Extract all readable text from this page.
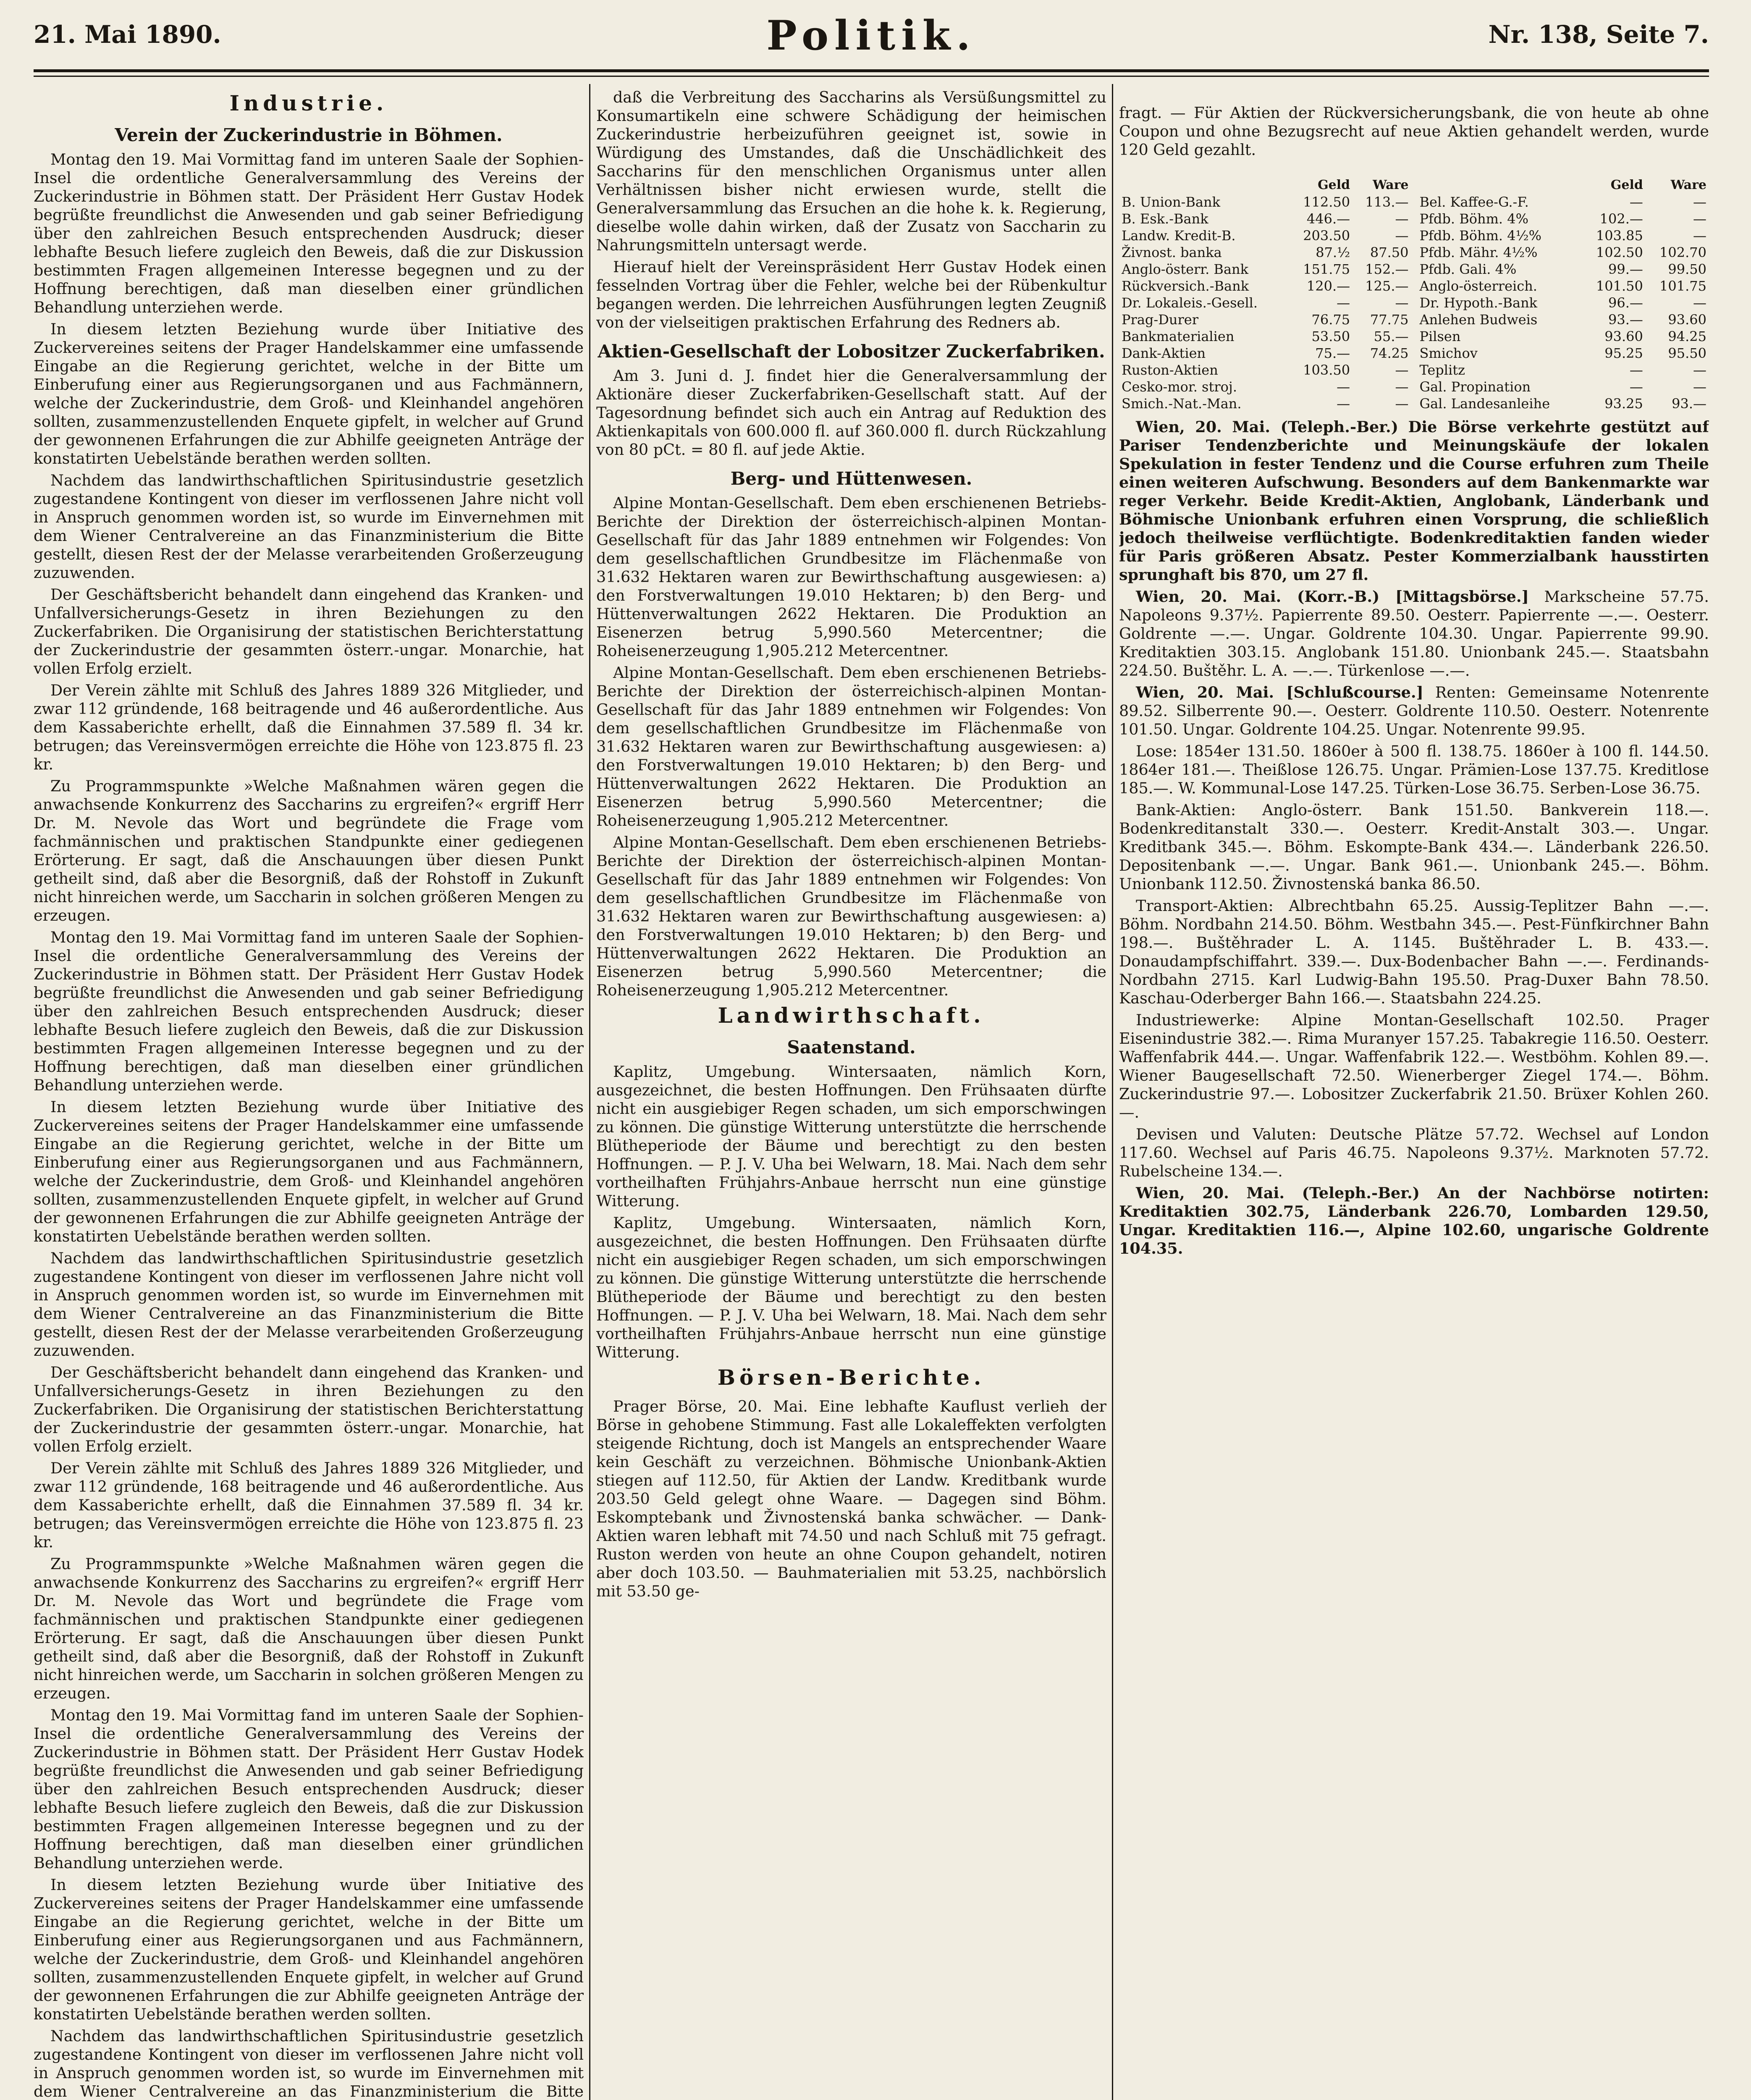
21. Mai 1890.	Politik.	Nr. 138, Seite 7.
Industrie.
Verein der Zuckerindustrie in Böhmen.

Montag den 19. Mai Vormittag fand im unteren Saale der Sophien-Insel die ordentliche Generalversammlung des Vereins der Zuckerindustrie in Böhmen statt. Der Präsident Herr Gustav Hodek begrüßte freundlichst die Anwesenden und gab seiner Befriedigung über den zahlreichen Besuch entsprechenden Ausdruck; dieser lebhafte Besuch liefere zugleich den Beweis, daß die zur Diskussion bestimmten Fragen allgemeinen Interesse begegnen und zu der Hoffnung berechtigen, daß man dieselben einer gründlichen Behandlung unterziehen werde.

In diesem letzten Beziehung wurde über Initiative des Zuckervereines seitens der Prager Handelskammer eine umfassende Eingabe an die Regierung gerichtet, welche in der Bitte um Einberufung einer aus Regierungsorganen und aus Fachmännern, welche der Zuckerindustrie, dem Groß- und Kleinhandel angehören sollten, zusammenzustellenden Enquete gipfelt, in welcher auf Grund der gewonnenen Erfahrungen die zur Abhilfe geeigneten Anträge der konstatirten Uebelstände berathen werden sollten.

Nachdem das landwirthschaftlichen Spiritusindustrie gesetzlich zugestandene Kontingent von dieser im verflossenen Jahre nicht voll in Anspruch genommen worden ist, so wurde im Einvernehmen mit dem Wiener Centralvereine an das Finanzministerium die Bitte gestellt, diesen Rest der der Melasse verarbeitenden Großerzeugung zuzuwenden.

Der Geschäftsbericht behandelt dann eingehend das Kranken- und Unfallversicherungs-Gesetz in ihren Beziehungen zu den Zuckerfabriken. Die Organisirung der statistischen Berichterstattung der Zuckerindustrie der gesammten österr.-ungar. Monarchie, hat vollen Erfolg erzielt.

Der Verein zählte mit Schluß des Jahres 1889 326 Mitglieder, und zwar 112 gründende, 168 beitragende und 46 außerordentliche. Aus dem Kassaberichte erhellt, daß die Einnahmen 37.589 fl. 34 kr. betrugen; das Vereinsvermögen erreichte die Höhe von 123.875 fl. 23 kr.

Zu Programmspunkte »Welche Maßnahmen wären gegen die anwachsende Konkurrenz des Saccharins zu ergreifen?« ergriff Herr Dr. M. Nevole das Wort und begründete die Frage vom fachmännischen und praktischen Standpunkte einer gediegenen Erörterung. Er sagt, daß die Anschauungen über diesen Punkt getheilt sind, daß aber die Besorgniß, daß der Rohstoff in Zukunft nicht hinreichen werde, um Saccharin in solchen größeren Mengen zu erzeugen.

Montag den 19. Mai Vormittag fand im unteren Saale der Sophien-Insel die ordentliche Generalversammlung des Vereins der Zuckerindustrie in Böhmen statt. Der Präsident Herr Gustav Hodek begrüßte freundlichst die Anwesenden und gab seiner Befriedigung über den zahlreichen Besuch entsprechenden Ausdruck; dieser lebhafte Besuch liefere zugleich den Beweis, daß die zur Diskussion bestimmten Fragen allgemeinen Interesse begegnen und zu der Hoffnung berechtigen, daß man dieselben einer gründlichen Behandlung unterziehen werde.

In diesem letzten Beziehung wurde über Initiative des Zuckervereines seitens der Prager Handelskammer eine umfassende Eingabe an die Regierung gerichtet, welche in der Bitte um Einberufung einer aus Regierungsorganen und aus Fachmännern, welche der Zuckerindustrie, dem Groß- und Kleinhandel angehören sollten, zusammenzustellenden Enquete gipfelt, in welcher auf Grund der gewonnenen Erfahrungen die zur Abhilfe geeigneten Anträge der konstatirten Uebelstände berathen werden sollten.

Nachdem das landwirthschaftlichen Spiritusindustrie gesetzlich zugestandene Kontingent von dieser im verflossenen Jahre nicht voll in Anspruch genommen worden ist, so wurde im Einvernehmen mit dem Wiener Centralvereine an das Finanzministerium die Bitte gestellt, diesen Rest der der Melasse verarbeitenden Großerzeugung zuzuwenden.

Der Geschäftsbericht behandelt dann eingehend das Kranken- und Unfallversicherungs-Gesetz in ihren Beziehungen zu den Zuckerfabriken. Die Organisirung der statistischen Berichterstattung der Zuckerindustrie der gesammten österr.-ungar. Monarchie, hat vollen Erfolg erzielt.

Der Verein zählte mit Schluß des Jahres 1889 326 Mitglieder, und zwar 112 gründende, 168 beitragende und 46 außerordentliche. Aus dem Kassaberichte erhellt, daß die Einnahmen 37.589 fl. 34 kr. betrugen; das Vereinsvermögen erreichte die Höhe von 123.875 fl. 23 kr.

Zu Programmspunkte »Welche Maßnahmen wären gegen die anwachsende Konkurrenz des Saccharins zu ergreifen?« ergriff Herr Dr. M. Nevole das Wort und begründete die Frage vom fachmännischen und praktischen Standpunkte einer gediegenen Erörterung. Er sagt, daß die Anschauungen über diesen Punkt getheilt sind, daß aber die Besorgniß, daß der Rohstoff in Zukunft nicht hinreichen werde, um Saccharin in solchen größeren Mengen zu erzeugen.

Montag den 19. Mai Vormittag fand im unteren Saale der Sophien-Insel die ordentliche Generalversammlung des Vereins der Zuckerindustrie in Böhmen statt. Der Präsident Herr Gustav Hodek begrüßte freundlichst die Anwesenden und gab seiner Befriedigung über den zahlreichen Besuch entsprechenden Ausdruck; dieser lebhafte Besuch liefere zugleich den Beweis, daß die zur Diskussion bestimmten Fragen allgemeinen Interesse begegnen und zu der Hoffnung berechtigen, daß man dieselben einer gründlichen Behandlung unterziehen werde.

In diesem letzten Beziehung wurde über Initiative des Zuckervereines seitens der Prager Handelskammer eine umfassende Eingabe an die Regierung gerichtet, welche in der Bitte um Einberufung einer aus Regierungsorganen und aus Fachmännern, welche der Zuckerindustrie, dem Groß- und Kleinhandel angehören sollten, zusammenzustellenden Enquete gipfelt, in welcher auf Grund der gewonnenen Erfahrungen die zur Abhilfe geeigneten Anträge der konstatirten Uebelstände berathen werden sollten.

Nachdem das landwirthschaftlichen Spiritusindustrie gesetzlich zugestandene Kontingent von dieser im verflossenen Jahre nicht voll in Anspruch genommen worden ist, so wurde im Einvernehmen mit dem Wiener Centralvereine an das Finanzministerium die Bitte

daß die Verbreitung des Saccharins als Versüßungsmittel zu Konsumartikeln eine schwere Schädigung der heimischen Zuckerindustrie herbeizuführen geeignet ist, sowie in Würdigung des Umstandes, daß die Unschädlichkeit des Saccharins für den menschlichen Organismus unter allen Verhältnissen bisher nicht erwiesen wurde, stellt die Generalversammlung das Ersuchen an die hohe k. k. Regierung, dieselbe wolle dahin wirken, daß der Zusatz von Saccharin zu Nahrungsmitteln untersagt werde.

Hierauf hielt der Vereinspräsident Herr Gustav Hodek einen fesselnden Vortrag über die Fehler, welche bei der Rübenkultur begangen werden. Die lehrreichen Ausführungen legten Zeugniß von der vielseitigen praktischen Erfahrung des Redners ab.

Aktien-Gesellschaft der Lobositzer Zuckerfabriken.

Am 3. Juni d. J. findet hier die Generalversammlung der Aktionäre dieser Zuckerfabriken-Gesellschaft statt. Auf der Tagesordnung befindet sich auch ein Antrag auf Reduktion des Aktienkapitals von 600.000 fl. auf 360.000 fl. durch Rückzahlung von 80 pCt. = 80 fl. auf jede Aktie.

Berg- und Hüttenwesen.

Alpine Montan-Gesellschaft. Dem eben erschienenen Betriebs-Berichte der Direktion der österreichisch-alpinen Montan-Gesellschaft für das Jahr 1889 entnehmen wir Folgendes: Von dem gesellschaftlichen Grundbesitze im Flächenmaße von 31.632 Hektaren waren zur Bewirthschaftung ausgewiesen: a) den Forstverwaltungen 19.010 Hektaren; b) den Berg- und Hüttenverwaltungen 2622 Hektaren. Die Produktion an Eisenerzen betrug 5,990.560 Metercentner; die Roheisenerzeugung 1,905.212 Metercentner.

Alpine Montan-Gesellschaft. Dem eben erschienenen Betriebs-Berichte der Direktion der österreichisch-alpinen Montan-Gesellschaft für das Jahr 1889 entnehmen wir Folgendes: Von dem gesellschaftlichen Grundbesitze im Flächenmaße von 31.632 Hektaren waren zur Bewirthschaftung ausgewiesen: a) den Forstverwaltungen 19.010 Hektaren; b) den Berg- und Hüttenverwaltungen 2622 Hektaren. Die Produktion an Eisenerzen betrug 5,990.560 Metercentner; die Roheisenerzeugung 1,905.212 Metercentner.

Alpine Montan-Gesellschaft. Dem eben erschienenen Betriebs-Berichte der Direktion der österreichisch-alpinen Montan-Gesellschaft für das Jahr 1889 entnehmen wir Folgendes: Von dem gesellschaftlichen Grundbesitze im Flächenmaße von 31.632 Hektaren waren zur Bewirthschaftung ausgewiesen: a) den Forstverwaltungen 19.010 Hektaren; b) den Berg- und Hüttenverwaltungen 2622 Hektaren. Die Produktion an Eisenerzen betrug 5,990.560 Metercentner; die Roheisenerzeugung 1,905.212 Metercentner.

Landwirthschaft.
Saatenstand.

Kaplitz, Umgebung. Wintersaaten, nämlich Korn, ausgezeichnet, die besten Hoffnungen. Den Frühsaaten dürfte nicht ein ausgiebiger Regen schaden, um sich emporschwingen zu können. Die günstige Witterung unterstützte die herrschende Blütheperiode der Bäume und berechtigt zu den besten Hoffnungen. — P. J. V. Uha bei Welwarn, 18. Mai. Nach dem sehr vortheilhaften Frühjahrs-Anbaue herrscht nun eine günstige Witterung.

Kaplitz, Umgebung. Wintersaaten, nämlich Korn, ausgezeichnet, die besten Hoffnungen. Den Frühsaaten dürfte nicht ein ausgiebiger Regen schaden, um sich emporschwingen zu können. Die günstige Witterung unterstützte die herrschende Blütheperiode der Bäume und berechtigt zu den besten Hoffnungen. — P. J. V. Uha bei Welwarn, 18. Mai. Nach dem sehr vortheilhaften Frühjahrs-Anbaue herrscht nun eine günstige Witterung.

Börsen-Berichte.

Prager Börse, 20. Mai. Eine lebhafte Kauflust verlieh der Börse in gehobene Stimmung. Fast alle Lokaleffekten verfolgten steigende Richtung, doch ist Mangels an entsprechender Waare kein Geschäft zu verzeichnen. Böhmische Unionbank-Aktien stiegen auf 112.50, für Aktien der Landw. Kreditbank wurde 203.50 Geld gelegt ohne Waare. — Dagegen sind Böhm. Eskomptebank und Živnostenská banka schwächer. — Dank-Aktien waren lebhaft mit 74.50 und nach Schluß mit 75 gefragt. Ruston werden von heute an ohne Coupon gehandelt, notiren aber doch 103.50. — Bauhmaterialien mit 53.25, nachbörslich mit 53.50 ge-

fragt. — Für Aktien der Rückversicherungsbank, die von heute ab ohne Coupon und ohne Bezugsrecht auf neue Aktien gehandelt werden, wurde 120 Geld gezahlt.

	Geld	Ware
B. Union-Bank	112.50	113.—
B. Esk.-Bank	446.—	—
Landw. Kredit-B.	203.50	—
Živnost. banka	87.½	87.50
Anglo-österr. Bank	151.75	152.—
Rückversich.-Bank	120.—	125.—
Dr. Lokaleis.-Gesell.	—	—
Prag-Durer	76.75	77.75
Bankmaterialien	53.50	55.—
Dank-Aktien	75.—	74.25
Ruston-Aktien	103.50	—
Cesko-mor. stroj.	—	—
Smich.-Nat.-Man.	—	—
	Geld	Ware
Bel. Kaffee-G.-F.	—	—
Pfdb. Böhm. 4%	102.—	—
Pfdb. Böhm. 4½%	103.85	—
Pfdb. Mähr. 4½%	102.50	102.70
Pfdb. Gali. 4%	99.—	99.50
Anglo-österreich.	101.50	101.75
Dr. Hypoth.-Bank	96.—	—
Anlehen Budweis	93.—	93.60
Pilsen	93.60	94.25
Smichov	95.25	95.50
Teplitz	—	—
Gal. Propination	—	—
Gal. Landesanleihe	93.25	93.—

Wien, 20. Mai. (Teleph.-Ber.) Die Börse verkehrte gestützt auf Pariser Tendenzberichte und Meinungskäufe der lokalen Spekulation in fester Tendenz und die Course erfuhren zum Theile einen weiteren Aufschwung. Besonders auf dem Bankenmarkte war reger Verkehr. Beide Kredit-Aktien, Anglobank, Länderbank und Böhmische Unionbank erfuhren einen Vorsprung, die schließlich jedoch theilweise verflüchtigte. Bodenkreditaktien fanden wieder für Paris größeren Absatz. Pester Kommerzialbank hausstirten sprunghaft bis 870, um 27 fl.

Wien, 20. Mai. (Korr.-B.) [Mittagsbörse.] Markscheine 57.75. Napoleons 9.37½. Papierrente 89.50. Oesterr. Papierrente —.—. Oesterr. Goldrente —.—. Ungar. Goldrente 104.30. Ungar. Papierrente 99.90. Kreditaktien 303.15. Anglobank 151.80. Unionbank 245.—. Staatsbahn 224.50. Buštěhr. L. A. —.—. Türkenlose —.—.

Wien, 20. Mai. [Schlußcourse.] Renten: Gemeinsame Notenrente 89.52. Silberrente 90.—. Oesterr. Goldrente 110.50. Oesterr. Notenrente 101.50. Ungar. Goldrente 104.25. Ungar. Notenrente 99.95.

Lose: 1854er 131.50. 1860er à 500 fl. 138.75. 1860er à 100 fl. 144.50. 1864er 181.—. Theißlose 126.75. Ungar. Prämien-Lose 137.75. Kreditlose 185.—. W. Kommunal-Lose 147.25. Türken-Lose 36.75. Serben-Lose 36.75.

Bank-Aktien: Anglo-österr. Bank 151.50. Bankverein 118.—. Bodenkreditanstalt 330.—. Oesterr. Kredit-Anstalt 303.—. Ungar. Kreditbank 345.—. Böhm. Eskompte-Bank 434.—. Länderbank 226.50. Depositenbank —.—. Ungar. Bank 961.—. Unionbank 245.—. Böhm. Unionbank 112.50. Živnostenská banka 86.50.

Transport-Aktien: Albrechtbahn 65.25. Aussig-Teplitzer Bahn —.—. Böhm. Nordbahn 214.50. Böhm. Westbahn 345.—. Pest-Fünfkirchner Bahn 198.—. Buštěhrader L. A. 1145. Buštěhrader L. B. 433.—. Donaudampfschiffahrt. 339.—. Dux-Bodenbacher Bahn —.—. Ferdinands-Nordbahn 2715. Karl Ludwig-Bahn 195.50. Prag-Duxer Bahn 78.50. Kaschau-Oderberger Bahn 166.—. Staatsbahn 224.25.

Industriewerke: Alpine Montan-Gesellschaft 102.50. Prager Eisenindustrie 382.—. Rima Muranyer 157.25. Tabakregie 116.50. Oesterr. Waffenfabrik 444.—. Ungar. Waffenfabrik 122.—. Westböhm. Kohlen 89.—. Wiener Baugesellschaft 72.50. Wienerberger Ziegel 174.—. Böhm. Zuckerindustrie 97.—. Lobositzer Zuckerfabrik 21.50. Brüxer Kohlen 260.—.

Devisen und Valuten: Deutsche Plätze 57.72. Wechsel auf London 117.60. Wechsel auf Paris 46.75. Napoleons 9.37½. Marknoten 57.72. Rubelscheine 134.—.

Wien, 20. Mai. (Teleph.-Ber.) An der Nachbörse notirten: Kreditaktien 302.75, Länderbank 226.70, Lombarden 129.50, Ungar. Kreditaktien 116.—, Alpine 102.60, ungarische Goldrente 104.35.
